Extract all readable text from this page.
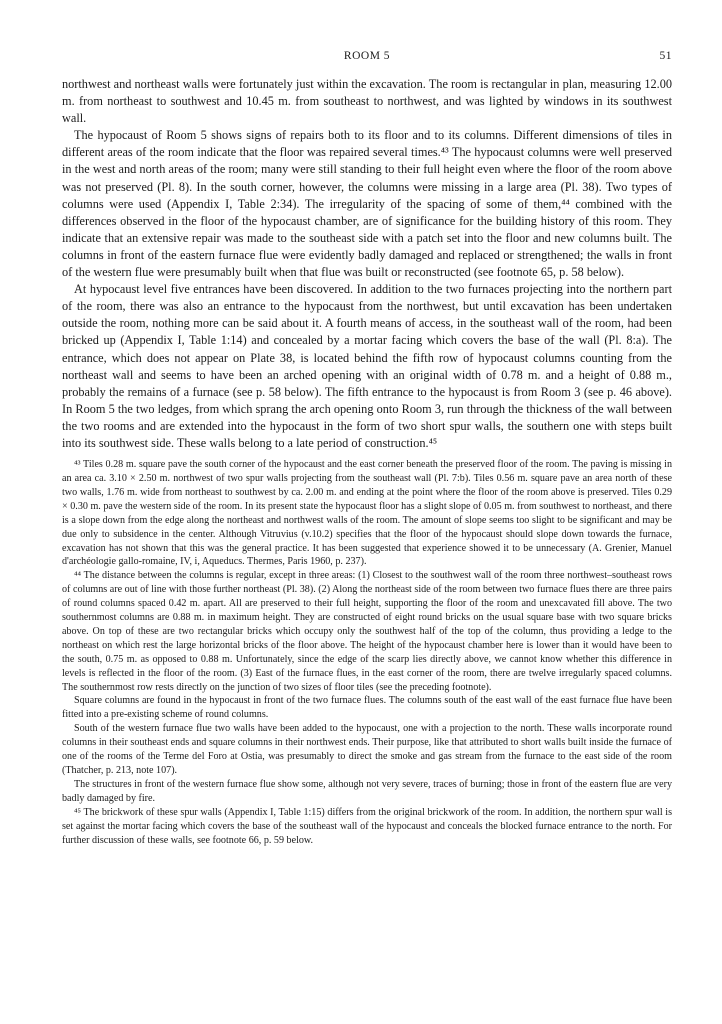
ROOM 5	51

northwest and northeast walls were fortunately just within the excavation. The room is rectangular in plan, measuring 12.00 m. from northeast to southwest and 10.45 m. from southeast to northwest, and was lighted by windows in its southwest wall.

The hypocaust of Room 5 shows signs of repairs both to its floor and to its columns. Different dimensions of tiles in different areas of the room indicate that the floor was repaired several times.⁴³ The hypocaust columns were well preserved in the west and north areas of the room; many were still standing to their full height even where the floor of the room above was not preserved (Pl. 8). In the south corner, however, the columns were missing in a large area (Pl. 38). Two types of columns were used (Appendix I, Table 2:34). The irregularity of the spacing of some of them,⁴⁴ combined with the differences observed in the floor of the hypocaust chamber, are of significance for the building history of this room. They indicate that an extensive repair was made to the southeast side with a patch set into the floor and new columns built. The columns in front of the eastern furnace flue were evidently badly damaged and replaced or strengthened; the walls in front of the western flue were presumably built when that flue was built or reconstructed (see footnote 65, p. 58 below).

At hypocaust level five entrances have been discovered. In addition to the two furnaces projecting into the northern part of the room, there was also an entrance to the hypocaust from the northwest, but until excavation has been undertaken outside the room, nothing more can be said about it. A fourth means of access, in the southeast wall of the room, had been bricked up (Appendix I, Table 1:14) and concealed by a mortar facing which covers the base of the wall (Pl. 8:a). The entrance, which does not appear on Plate 38, is located behind the fifth row of hypocaust columns counting from the northeast wall and seems to have been an arched opening with an original width of 0.78 m. and a height of 0.88 m., probably the remains of a furnace (see p. 58 below). The fifth entrance to the hypocaust is from Room 3 (see p. 46 above). In Room 5 the two ledges, from which sprang the arch opening onto Room 3, run through the thickness of the wall between the two rooms and are extended into the hypocaust in the form of two short spur walls, the southern one with steps built into its southwest side. These walls belong to a late period of construction.⁴⁵

⁴³ Tiles 0.28 m. square pave the south corner of the hypocaust and the east corner beneath the preserved floor of the room. The paving is missing in an area ca. 3.10 × 2.50 m. northwest of two spur walls projecting from the southeast wall (Pl. 7:b). Tiles 0.56 m. square pave an area north of these two walls, 1.76 m. wide from northeast to southwest by ca. 2.00 m. and ending at the point where the floor of the room above is preserved. Tiles 0.29 × 0.30 m. pave the western side of the room. In its present state the hypocaust floor has a slight slope of 0.05 m. from southwest to northeast, and there is a slope down from the edge along the northeast and northwest walls of the room. The amount of slope seems too slight to be significant and may be due only to subsidence in the center. Although Vitruvius (v.10.2) specifies that the floor of the hypocaust should slope down towards the furnace, excavation has not shown that this was the general practice. It has been suggested that experience showed it to be unnecessary (A. Grenier, Manuel d'archéologie gallo-romaine, IV, i, Aqueducs. Thermes, Paris 1960, p. 237).

⁴⁴ The distance between the columns is regular, except in three areas: (1) Closest to the southwest wall of the room three northwest–southeast rows of columns are out of line with those further northeast (Pl. 38). (2) Along the northeast side of the room between two furnace flues there are three pairs of round columns spaced 0.42 m. apart. All are preserved to their full height, supporting the floor of the room and unexcavated fill above. The two southernmost columns are 0.88 m. in maximum height. They are constructed of eight round bricks on the usual square base with two square bricks above. On top of these are two rectangular bricks which occupy only the southwest half of the top of the column, thus providing a ledge to the northeast on which rest the large horizontal bricks of the floor above. The height of the hypocaust chamber here is lower than it would have been to the south, 0.75 m. as opposed to 0.88 m. Unfortunately, since the edge of the scarp lies directly above, we cannot know whether this difference in levels is reflected in the floor of the room. (3) East of the furnace flues, in the east corner of the room, there are twelve irregularly spaced columns. The southernmost row rests directly on the junction of two sizes of floor tiles (see the preceding footnote).

Square columns are found in the hypocaust in front of the two furnace flues. The columns south of the east wall of the east furnace flue have been fitted into a pre-existing scheme of round columns.

South of the western furnace flue two walls have been added to the hypocaust, one with a projection to the north. These walls incorporate round columns in their southeast ends and square columns in their northwest ends. Their purpose, like that attributed to short walls built inside the furnace of one of the rooms of the Terme del Foro at Ostia, was presumably to direct the smoke and gas stream from the furnace to the east side of the room (Thatcher, p. 213, note 107).

The structures in front of the western furnace flue show some, although not very severe, traces of burning; those in front of the eastern flue are very badly damaged by fire.

⁴⁵ The brickwork of these spur walls (Appendix I, Table 1:15) differs from the original brickwork of the room. In addition, the northern spur wall is set against the mortar facing which covers the base of the southeast wall of the hypocaust and conceals the blocked furnace entrance to the north. For further discussion of these walls, see footnote 66, p. 59 below.
